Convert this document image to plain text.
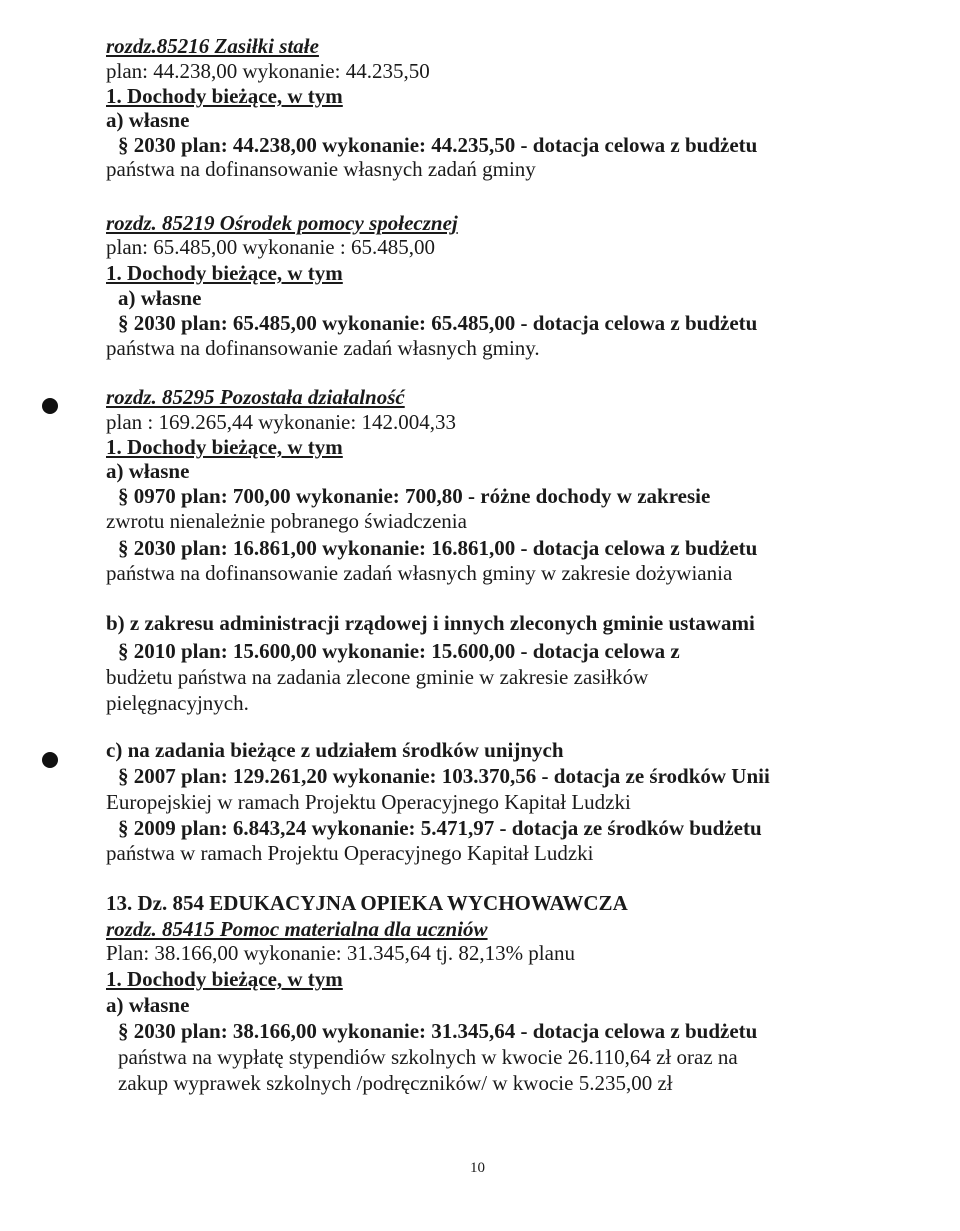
rozdz.85216 Zasiłki stałe
plan: 44.238,00 wykonanie: 44.235,50
1. Dochody bieżące, w tym
a) własne
§ 2030 plan: 44.238,00 wykonanie: 44.235,50 - dotacja celowa z budżetu
państwa na dofinansowanie własnych zadań gminy
rozdz. 85219 Ośrodek pomocy społecznej
plan: 65.485,00 wykonanie : 65.485,00
1. Dochody bieżące, w tym
a) własne
§ 2030 plan: 65.485,00 wykonanie: 65.485,00 - dotacja celowa z budżetu
państwa na dofinansowanie zadań własnych gminy.
rozdz. 85295 Pozostała działalność
plan : 169.265,44 wykonanie: 142.004,33
1. Dochody bieżące, w tym
a) własne
§ 0970 plan: 700,00 wykonanie: 700,80 - różne dochody w zakresie
zwrotu nienależnie pobranego świadczenia
§ 2030 plan: 16.861,00 wykonanie: 16.861,00 - dotacja celowa z budżetu
państwa na dofinansowanie zadań własnych gminy w zakresie dożywiania
b) z zakresu administracji rządowej i innych zleconych gminie ustawami
§ 2010 plan: 15.600,00 wykonanie: 15.600,00 - dotacja celowa z
budżetu państwa na zadania zlecone gminie w zakresie zasiłków
pielęgnacyjnych.
c) na zadania bieżące z udziałem środków unijnych
§ 2007 plan: 129.261,20 wykonanie: 103.370,56 - dotacja ze środków Unii
Europejskiej w ramach Projektu Operacyjnego Kapitał Ludzki
§ 2009 plan: 6.843,24 wykonanie: 5.471,97 - dotacja ze środków budżetu
państwa w ramach Projektu Operacyjnego Kapitał Ludzki
13. Dz. 854 EDUKACYJNA OPIEKA WYCHOWAWCZA
rozdz. 85415 Pomoc materialna dla uczniów
Plan: 38.166,00 wykonanie: 31.345,64 tj. 82,13% planu
1. Dochody bieżące, w tym
a) własne
§ 2030 plan: 38.166,00 wykonanie: 31.345,64 - dotacja celowa z budżetu
państwa na wypłatę stypendiów szkolnych w kwocie 26.110,64 zł oraz na
zakup wyprawek szkolnych /podręczników/ w kwocie 5.235,00 zł
10
